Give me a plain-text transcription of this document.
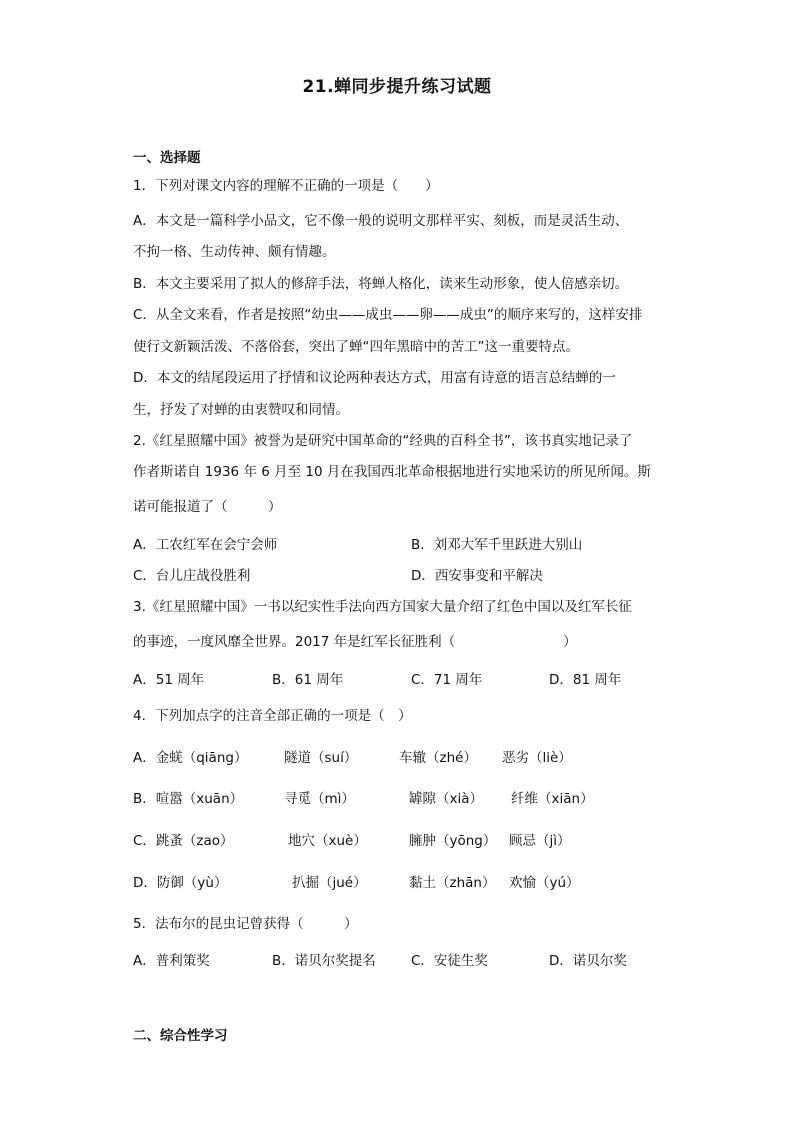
21.蝉同步提升练习试题
一、选择题
1．下列对课文内容的理解不正确的一项是（　　）
A．本文是一篇科学小品文，它不像一般的说明文那样平实、刻板，而是灵活生动、
不拘一格、生动传神、颇有情趣。
B．本文主要采用了拟人的修辞手法，将蝉人格化，读来生动形象，使人倍感亲切。
C．从全文来看，作者是按照“幼虫——成虫——卵——成虫”的顺序来写的，这样安排
使行文新颖活泼、不落俗套，突出了蝉“四年黑暗中的苦工”这一重要特点。
D．本文的结尾段运用了抒情和议论两种表达方式，用富有诗意的语言总结蝉的一
生，抒发了对蝉的由衷赞叹和同情。
2.《红星照耀中国》被誉为是研究中国革命的“经典的百科全书”，该书真实地记录了
作者斯诺自 1936 年 6 月至 10 月在我国西北革命根据地进行实地采访的所见所闻。斯
诺可能报道了（　　　）
A．工农红军在会宁会师	B．刘邓大军千里跃进大别山
C．台儿庄战役胜利	D．西安事变和平解决
3.《红星照耀中国》一书以纪实性手法向西方国家大量介绍了红色中国以及红军长征
的事迹，一度风靡全世界。2017 年是红军长征胜利（　　　　　　　　）
A．51 周年	B．61 周年	C．71 周年	D．81 周年
4．下列加点字的注音全部正确的一项是（　）
A．金蜣（qiāng）	隧道（suí）	车辙（zhé） 恶劣（liè）
B．喧嚣（xuān）	寻觅（mì）	罅隙（xià） 纤维（xiān）
C．跳蚤（zao）	地穴（xuè）	臃肿（yōng） 顾忌（jì）
D．防御（yù）	扒掘（jué）	黏土（zhān） 欢愉（yú）
5．法布尔的昆虫记曾获得（　　　）
A．普利策奖	B．诺贝尔奖提名	C．安徒生奖	D．诺贝尔奖
二、综合性学习
